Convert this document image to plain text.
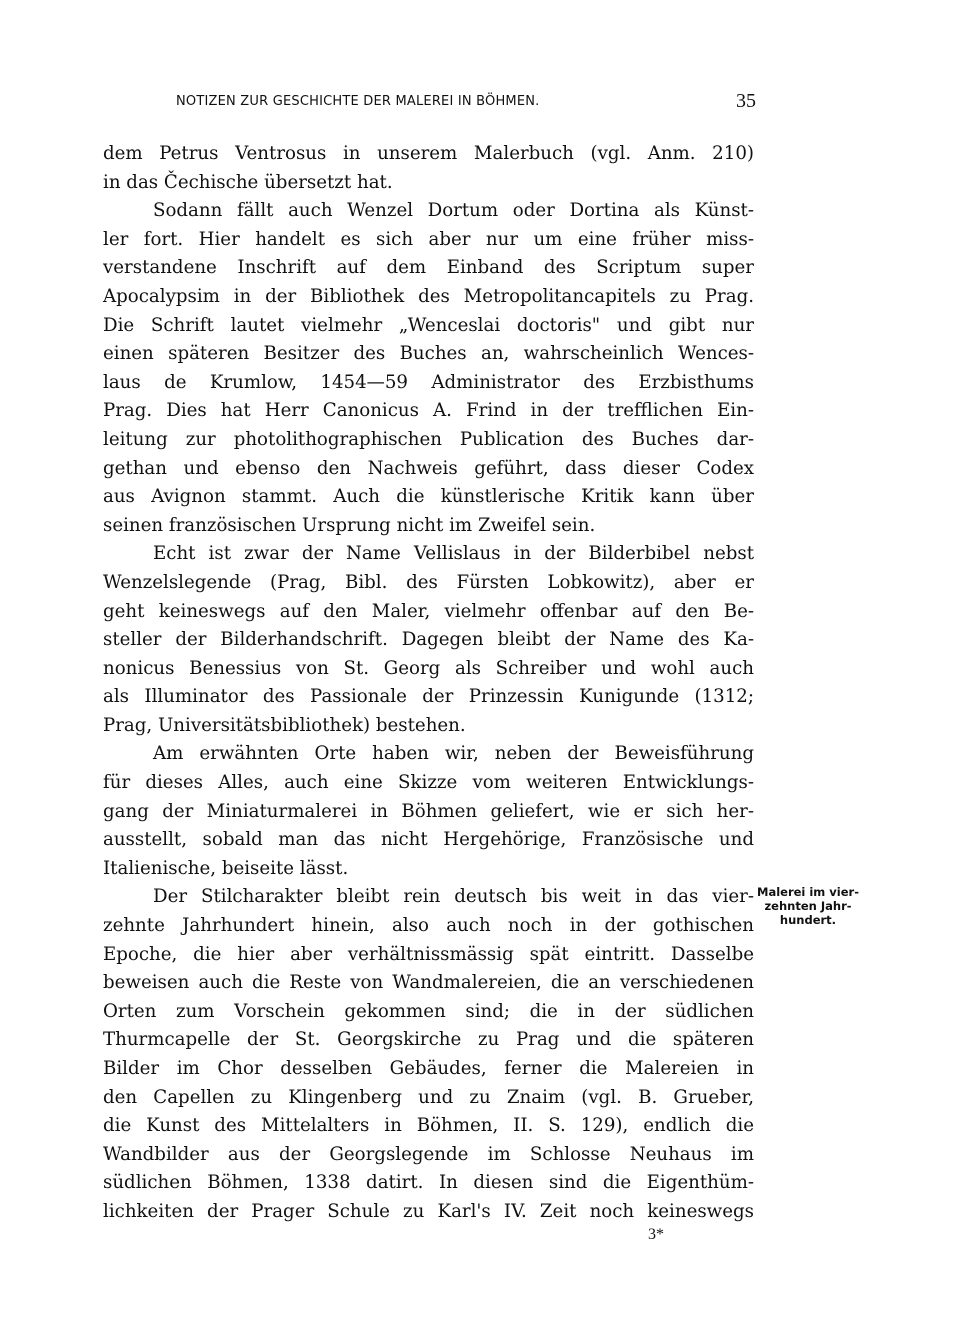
NOTIZEN ZUR GESCHICHTE DER MALEREI IN BÖHMEN.	35
dem Petrus Ventrosus in unserem Malerbuch (vgl. Anm. 210)
in das Čechische übersetzt hat.
Sodann fällt auch Wenzel Dortum oder Dortina als Künst-
ler fort. Hier handelt es sich aber nur um eine früher miss-
verstandene Inschrift auf dem Einband des Scriptum super
Apocalypsim in der Bibliothek des Metropolitancapitels zu Prag.
Die Schrift lautet vielmehr „Wenceslai doctoris" und gibt nur
einen späteren Besitzer des Buches an, wahrscheinlich Wences-
laus de Krumlow, 1454—59 Administrator des Erzbisthums
Prag. Dies hat Herr Canonicus A. Frind in der trefflichen Ein-
leitung zur photolithographischen Publication des Buches dar-
gethan und ebenso den Nachweis geführt, dass dieser Codex
aus Avignon stammt. Auch die künstlerische Kritik kann über
seinen französischen Ursprung nicht im Zweifel sein.
Echt ist zwar der Name Vellislaus in der Bilderbibel nebst
Wenzelslegende (Prag, Bibl. des Fürsten Lobkowitz), aber er
geht keineswegs auf den Maler, vielmehr offenbar auf den Be-
steller der Bilderhandschrift. Dagegen bleibt der Name des Ka-
nonicus Benessius von St. Georg als Schreiber und wohl auch
als Illuminator des Passionale der Prinzessin Kunigunde (1312;
Prag, Universitätsbibliothek) bestehen.
Am erwähnten Orte haben wir, neben der Beweisführung
für dieses Alles, auch eine Skizze vom weiteren Entwicklungs-
gang der Miniaturmalerei in Böhmen geliefert, wie er sich her-
ausstellt, sobald man das nicht Hergehörige, Französische und
Italienische, beiseite lässt.
Der Stilcharakter bleibt rein deutsch bis weit in das vier-
zehnte Jahrhundert hinein, also auch noch in der gothischen
Epoche, die hier aber verhältnissmässig spät eintritt. Dasselbe
beweisen auch die Reste von Wandmalereien, die an verschiedenen
Orten zum Vorschein gekommen sind; die in der südlichen
Thurmcapelle der St. Georgskirche zu Prag und die späteren
Bilder im Chor desselben Gebäudes, ferner die Malereien in
den Capellen zu Klingenberg und zu Znaim (vgl. B. Grueber,
die Kunst des Mittelalters in Böhmen, II. S. 129), endlich die
Wandbilder aus der Georgslegende im Schlosse Neuhaus im
südlichen Böhmen, 1338 datirt. In diesen sind die Eigenthüm-
lichkeiten der Prager Schule zu Karl's IV. Zeit noch keineswegs
Malerei im vier-
zehnten Jahr-
hundert.
3*
